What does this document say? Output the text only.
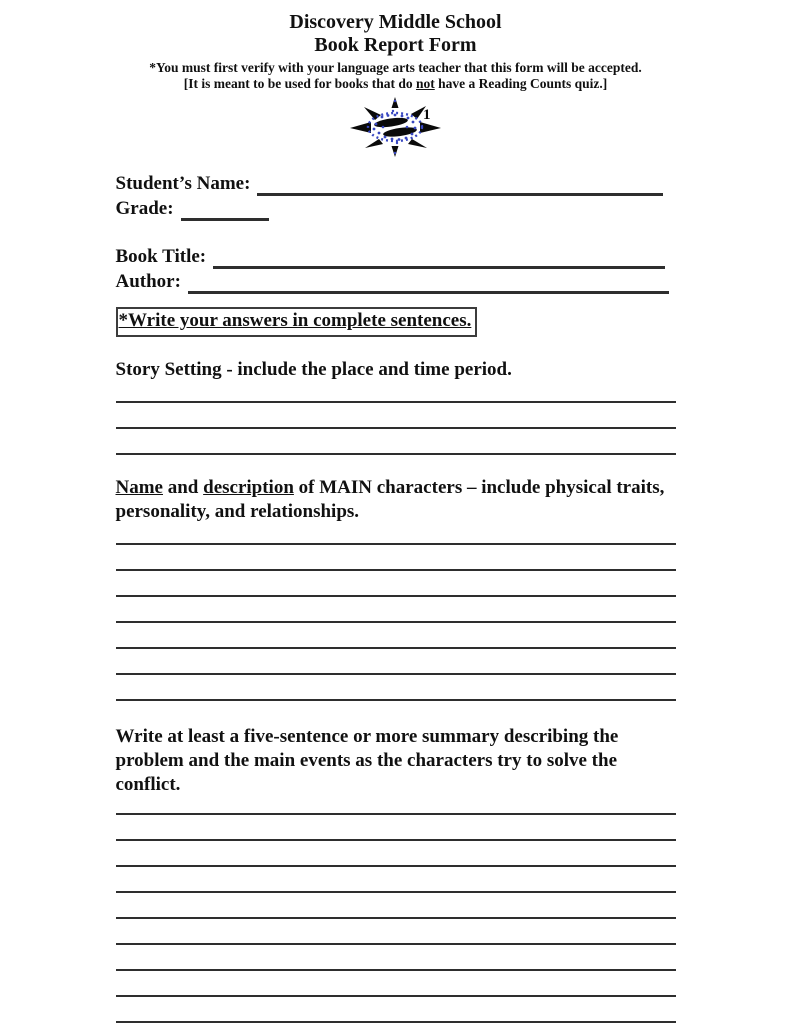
Discovery Middle School
Book Report Form
*You must first verify with your language arts teacher that this form will be accepted.
[It is meant to be used for books that do not have a Reading Counts quiz.]
1
Student’s Name:
Grade:
Book Title:
Author:
*Write your answers in complete sentences.
Story Setting - include the place and time period.
Name and description of MAIN characters – include physical traits, personality, and relationships.
Write at least a five-sentence or more summary describing the problem and the main events as the characters try to solve the conflict.
